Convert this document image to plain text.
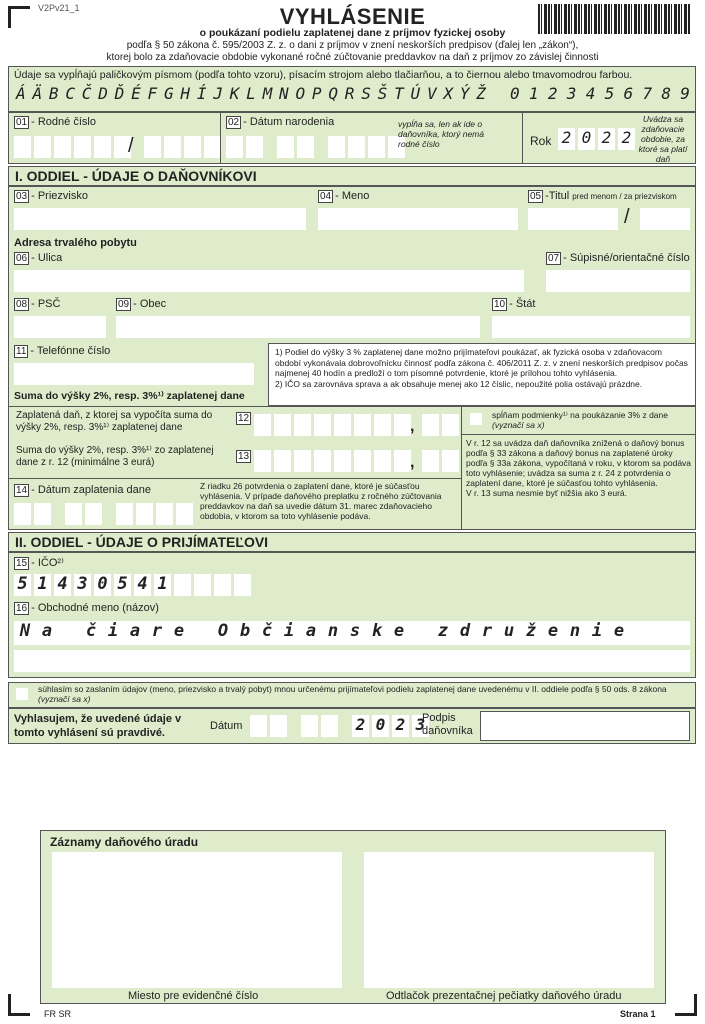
V2Pv21_1	VYHLÁSENIE
o poukázaní podielu zaplatenej dane z príjmov fyzickej osoby
podľa § 50 zákona č. 595/2003 Z. z. o dani z príjmov v znení neskorších predpisov (ďalej len „zákon“),
ktorej bolo za zdaňovacie obdobie vykonané ročné zúčtovanie preddavkov na daň z príjmov zo závislej činnosti
Údaje sa vypĺňajú paličkovým písmom (podľa tohto vzoru), písacím strojom alebo tlačiarňou, a to čiernou alebo tmavomodrou farbou.
Á Ä B C Č D Ď É F G H Í J K L M N O P Q R S Š T Ú V X Ý Ž 0 1 2 3 4 5 6 7 8 9
01 - Rodné číslo
/
02 - Dátum narodenia	vypĺňa sa, len ak ide o daňovníka, ktorý nemá rodné číslo	Rok 2 0 2 2
Uvádza sa zdaňovacie obdobie, za ktoré sa platí daň
I. ODDIEL - ÚDAJE O DAŇOVNÍKOVI
03 - Priezvisko	04 - Meno	05 -Titul pred menom / za priezviskom
/
Adresa trvalého pobytu
06 - Ulica	07 - Súpisné/orientačné číslo
08 - PSČ	09 - Obec	10 - Štát
11 - Telefónne číslo	1) Podiel do výšky 3 % zaplatenej dane možno prijímateľovi poukázať, ak fyzická osoba v zdaňovacom období vykonávala dobrovoľnícku činnosť podľa zákona č. 406/2011 Z. z. v znení neskorších predpisov počas najmenej 40 hodín a predloží o tom písomné potvrdenie, ktoré je prílohou tohto vyhlásenia.
2) IČO sa zarovnáva sprava a ak obsahuje menej ako 12 číslic, nepoužité polia ostávajú prázdne.
Suma do výšky 2%, resp. 3%¹⁾ zaplatenej dane
Zaplatená daň, z ktorej sa vypočíta suma do výšky 2%, resp. 3%¹⁾ zaplatenej dane
12	,
Suma do výšky 2%, resp. 3%¹⁾ zo zaplatenej dane z r. 12 (minimálne 3 eurá)
13	,
spĺňam podmienky¹⁾ na poukázanie 3% z dane (vyznačí sa x)
V r. 12 sa uvádza daň daňovníka znížená o daňový bonus podľa § 33 zákona a daňový bonus na zaplatené úroky podľa § 33a zákona, vypočítaná v roku, v ktorom sa podáva toto vyhlásenie; uvádza sa suma z r. 24 z potvrdenia o zaplatení dane, ktoré je súčasťou tohto vyhlásenia.
V r. 13 suma nesmie byť nižšia ako 3 eurá.
14 - Dátum zaplatenia dane	Z riadku 26 potvrdenia o zaplatení dane, ktoré je súčasťou vyhlásenia. V prípade daňového preplatku z ročného zúčtovania preddavkov na daň sa uvedie dátum 31. marec zdaňovacieho obdobia, v ktorom sa toto vyhlásenie podáva.
II. ODDIEL - ÚDAJE O PRIJÍMATEĽOVI
15 - IČO²⁾
5 1 4 3 0 5 4 1
16 - Obchodné meno (názov)
N a	č i a r e	O b č i a n s k e	z d r u ž e n i e
súhlasím so zaslaním údajov (meno, priezvisko a trvalý pobyt) mnou určenému prijímateľovi podielu zaplatenej dane uvedenému v II. oddiele podľa § 50 ods. 8 zákona (vyznačí sa x)
Vyhlasujem, že uvedené údaje v tomto vyhlásení sú pravdivé.
Dátum	2 0 2 3
Podpis daňovníka
Záznamy daňového úradu
Miesto pre evidenčné číslo	Odtlačok prezentačnej pečiatky daňového úradu
FR SR	Strana 1
